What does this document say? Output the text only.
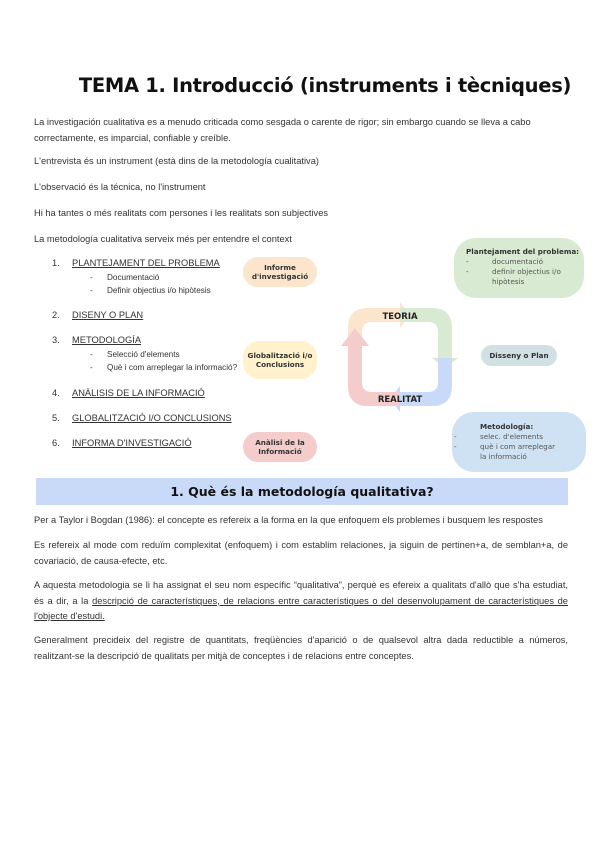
TEMA 1. Introducció (instruments i tècniques)
La investigación cualitativa es a menudo criticada como sesgada o carente de rigor; sin embargo cuando se lleva a cabo correctamente, es imparcial, confiable y creíble.
L'entrevista és un instrument (està dins de la metodología cualitativa)
L'observació és la técnica, no l'instrument
Hi ha tantes o més realitats com persones i les realitats son subjectives
La metodología cualitativa serveix més per entendre el context
1. PLANTEJAMENT DEL PROBLEMA
- Documentació
- Definir objectius i/o hipòtesis
2. DISENY O PLAN
3. METODOLOGÍA
- Selecció d'elements
- Què i com arreplegar la informació?
4. ANÀLISIS DE LA INFORMACIÓ
5. GLOBALITZACIÓ I/O CONCLUSIONS
6. INFORMA D'INVESTIGACIÓ
Informe d'investigació
Globalització i/o Conclusions
Anàlisi de la Informació
TEORIA
REALITAT
Plantejament del problema:
-	documentació
-	definir objectius i/o hipòtesis
Disseny o Plan
Metodología:
-	selec. d'elements
-	què i com arreplegar la informació
1. Què és la metodología qualitativa?
Per a Taylor i Bogdan (1986): el concepte es refereix a la forma en la que enfoquem els problemes i busquem les respostes
Es refereix al mode com reduïm complexitat (enfoquem) i com establim relaciones, ja siguin de pertinen+a, de semblan+a, de covariació, de causa-efecte, etc.
A aquesta metodologia se li ha assignat el seu nom específic “qualitativa”, perquè es efereix a qualitats d'allò que s'ha estudiat, és a dir, a la descripció de característiques, de relacions entre característiques o del desenvolupament de característiques de l'objecte d'estudi.
Generalment precideix del registre de quantitats, freqüències d'aparició o de qualsevol altra dada reductible a números, realitzant-se la descripció de qualitats per mitjà de conceptes i de relacions entre conceptes.
